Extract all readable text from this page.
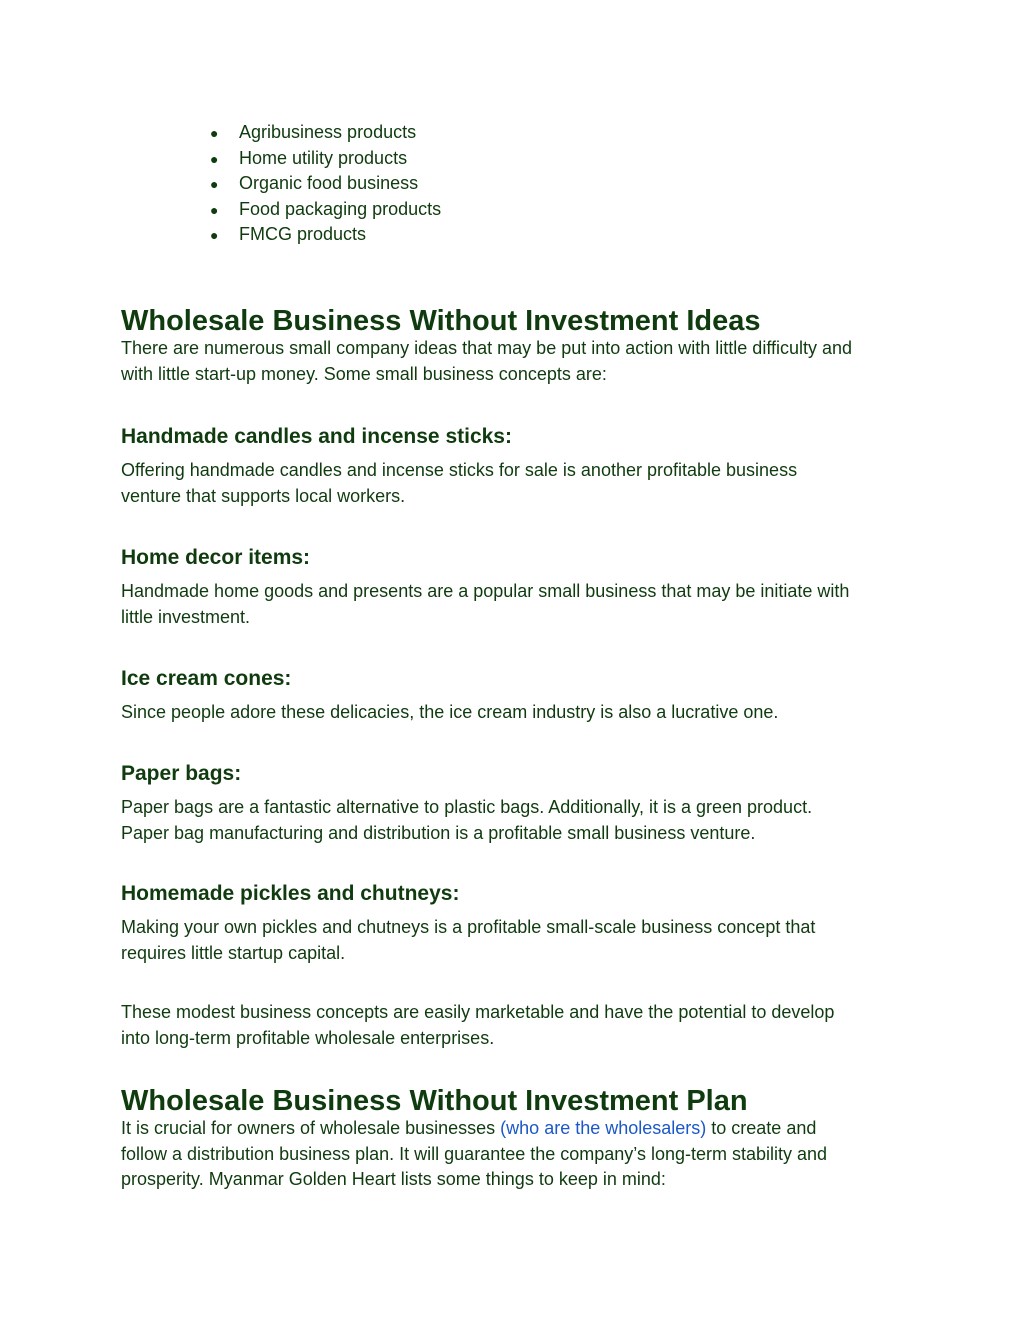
● Agribusiness products
● Home utility products
● Organic food business
● Food packaging products
● FMCG products
Wholesale Business Without Investment Ideas

There are numerous small company ideas that may be put into action with little difficulty and

with little start-up money. Some small business concepts are:

Handmade candles and incense sticks:

Offering handmade candles and incense sticks for sale is another profitable business

venture that supports local workers.

Home decor items:

Handmade home goods and presents are a popular small business that may be initiate with

little investment.

Ice cream cones:

Since people adore these delicacies, the ice cream industry is also a lucrative one.

Paper bags:

Paper bags are a fantastic alternative to plastic bags. Additionally, it is a green product.

Paper bag manufacturing and distribution is a profitable small business venture.

Homemade pickles and chutneys:

Making your own pickles and chutneys is a profitable small-scale business concept that

requires little startup capital.

These modest business concepts are easily marketable and have the potential to develop

into long-term profitable wholesale enterprises.

Wholesale Business Without Investment Plan

It is crucial for owners of wholesale businesses (who are the wholesalers) to create and

follow a distribution business plan. It will guarantee the company’s long-term stability and

prosperity. Myanmar Golden Heart lists some things to keep in mind:
